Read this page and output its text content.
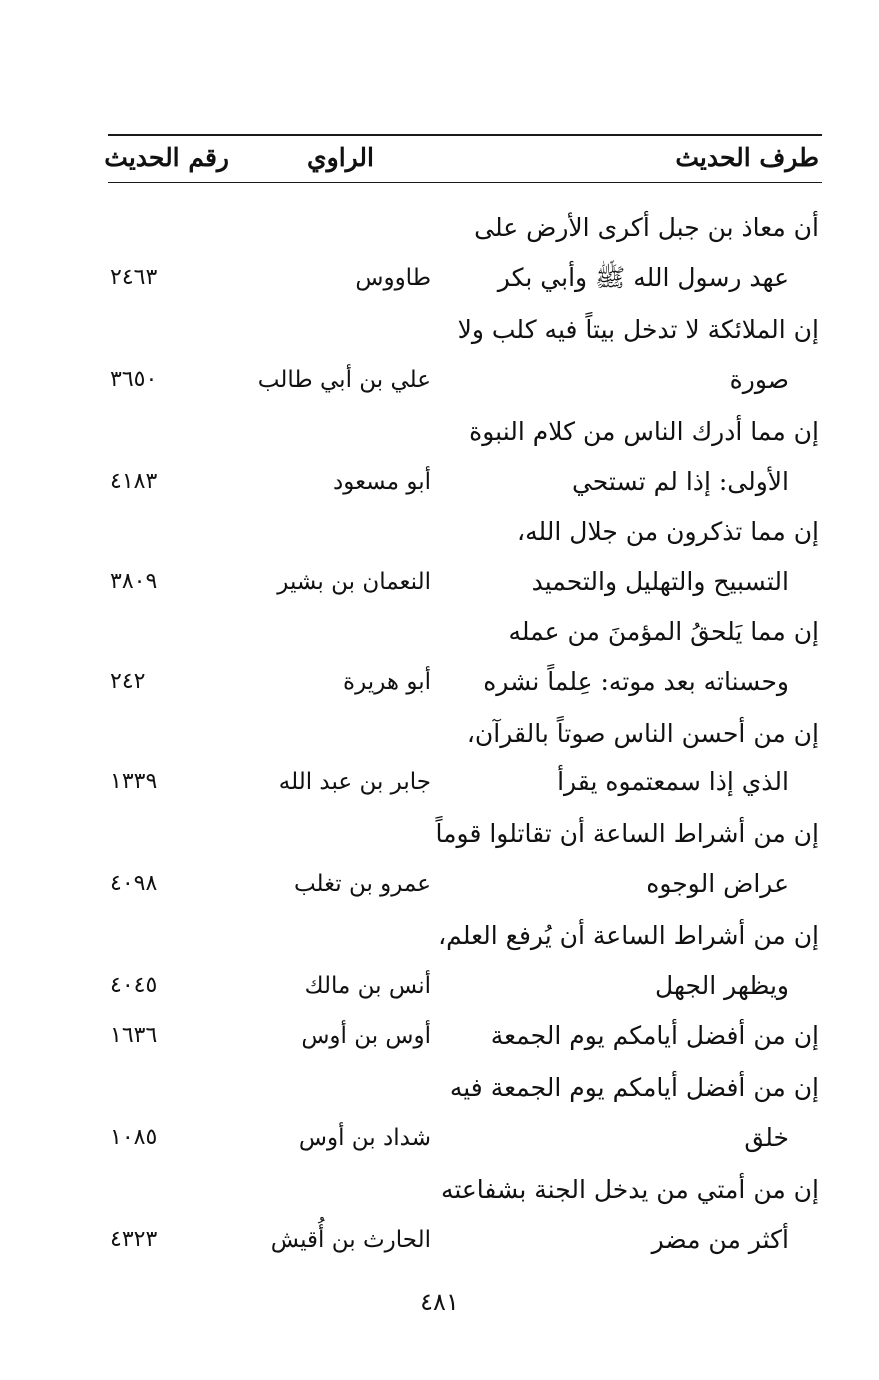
طرف الحديث
الراوي
رقم الحديث
أن معاذ بن جبل أكرى الأرض على
عهد رسول الله ﷺ وأبي بكر
طاووس
٢٤٦٣
إن الملائكة لا تدخل بيتاً فيه كلب ولا
صورة
علي بن أبي طالب
٣٦٥٠
إن مما أدرك الناس من كلام النبوة
الأولى: إذا لم تستحي
أبو مسعود
٤١٨٣
إن مما تذكرون من جلال الله،
التسبيح والتهليل والتحميد
النعمان بن بشير
٣٨٠٩
إن مما يَلحقُ المؤمنَ من عمله
وحسناته بعد موته: عِلماً نشره
أبو هريرة
٢٤٢
إن من أحسن الناس صوتاً بالقرآن،
الذي إذا سمعتموه يقرأ
جابر بن عبد الله
١٣٣٩
إن من أشراط الساعة أن تقاتلوا قوماً
عراض الوجوه
عمرو بن تغلب
٤٠٩٨
إن من أشراط الساعة أن يُرفع العلم،
ويظهر الجهل
أنس بن مالك
٤٠٤٥
إن من أفضل أيامكم يوم الجمعة
أوس بن أوس
١٦٣٦
إن من أفضل أيامكم يوم الجمعة فيه
خلق
شداد بن أوس
١٠٨٥
إن من أمتي من يدخل الجنة بشفاعته
أكثر من مضر
الحارث بن أُقيش
٤٣٢٣
٤٨١
